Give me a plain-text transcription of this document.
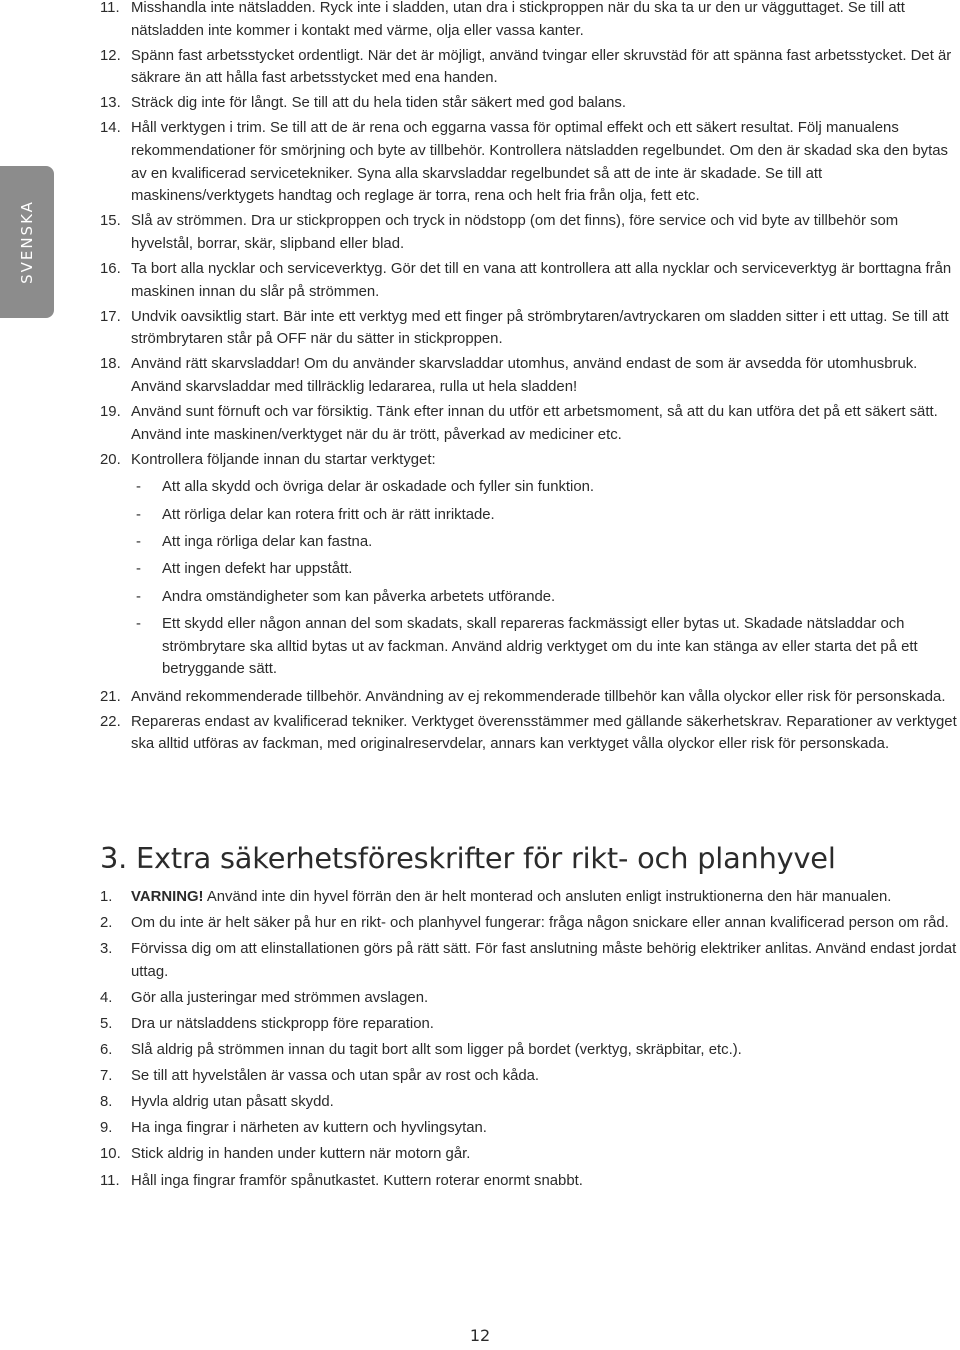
SVENSKA
11. Misshandla inte nätsladden. Ryck inte i sladden, utan dra i stickproppen när du ska ta ur den ur vägguttaget. Se till att nätsladden inte kommer i kontakt med värme, olja eller vassa kanter.
12. Spänn fast arbetsstycket ordentligt. När det är möjligt, använd tvingar eller skruvstäd för att spänna fast arbetsstycket. Det är säkrare än att hålla fast arbetsstycket med ena handen.
13. Sträck dig inte för långt. Se till att du hela tiden står säkert med god balans.
14. Håll verktygen i trim. Se till att de är rena och eggarna vassa för optimal effekt och ett säkert resultat. Följ manualens rekommendationer för smörjning och byte av tillbehör. Kontrollera nätsladden regelbundet. Om den är skadad ska den bytas av en kvalificerad servicetekniker. Syna alla skarvsladdar regelbundet så att de inte är skadade. Se till att maskinens/verktygets handtag och reglage är torra, rena och helt fria från olja, fett etc.
15. Slå av strömmen. Dra ur stickproppen och tryck in nödstopp (om det finns), före service och vid byte av tillbehör som hyvelstål, borrar, skär, slipband eller blad.
16. Ta bort alla nycklar och serviceverktyg. Gör det till en vana att kontrollera att alla nycklar och serviceverktyg är borttagna från maskinen innan du slår på strömmen.
17. Undvik oavsiktlig start. Bär inte ett verktyg med ett finger på strömbrytaren/avtryckaren om sladden sitter i ett uttag. Se till att strömbrytaren står på OFF när du sätter in stickproppen.
18. Använd rätt skarvsladdar! Om du använder skarvsladdar utomhus, använd endast de som är avsedda för utomhusbruk. Använd skarvsladdar med tillräcklig ledararea, rulla ut hela sladden!
19. Använd sunt förnuft och var försiktig. Tänk efter innan du utför ett arbetsmoment, så att du kan utföra det på ett säkert sätt. Använd inte maskinen/verktyget när du är trött, påverkad av mediciner etc.
20. Kontrollera följande innan du startar verktyget:
- Att alla skydd och övriga delar är oskadade och fyller sin funktion.
- Att rörliga delar kan rotera fritt och är rätt inriktade.
- Att inga rörliga delar kan fastna.
- Att ingen defekt har uppstått.
- Andra omständigheter som kan påverka arbetets utförande.
- Ett skydd eller någon annan del som skadats, skall repareras fackmässigt eller bytas ut. Skadade nätsladdar och strömbrytare ska alltid bytas ut av fackman. Använd aldrig verktyget om du inte kan stänga av eller starta det på ett betryggande sätt.
21. Använd rekommenderade tillbehör. Användning av ej rekommenderade tillbehör kan vålla olyckor eller risk för personskada.
22. Repareras endast av kvalificerad tekniker. Verktyget överensstämmer med gällande säkerhetskrav. Reparationer av verktyget ska alltid utföras av fackman, med originalreservdelar, annars kan verktyget vålla olyckor eller risk för personskada.
3. Extra säkerhetsföreskrifter för rikt- och planhyvel
1. VARNING! Använd inte din hyvel förrän den är helt monterad och ansluten enligt instruktionerna den här manualen.
2. Om du inte är helt säker på hur en rikt- och planhyvel fungerar: fråga någon snickare eller annan kvalificerad person om råd.
3. Förvissa dig om att elinstallationen görs på rätt sätt. För fast anslutning måste behörig elektriker anlitas. Använd endast jordat uttag.
4. Gör alla justeringar med strömmen avslagen.
5. Dra ur nätsladdens stickpropp före reparation.
6. Slå aldrig på strömmen innan du tagit bort allt som ligger på bordet (verktyg, skräpbitar, etc.).
7. Se till att hyvelstålen är vassa och utan spår av rost och kåda.
8. Hyvla aldrig utan påsatt skydd.
9. Ha inga fingrar i närheten av kuttern och hyvlingsytan.
10. Stick aldrig in handen under kuttern när motorn går.
11. Håll inga fingrar framför spånutkastet. Kuttern roterar enormt snabbt.
12
